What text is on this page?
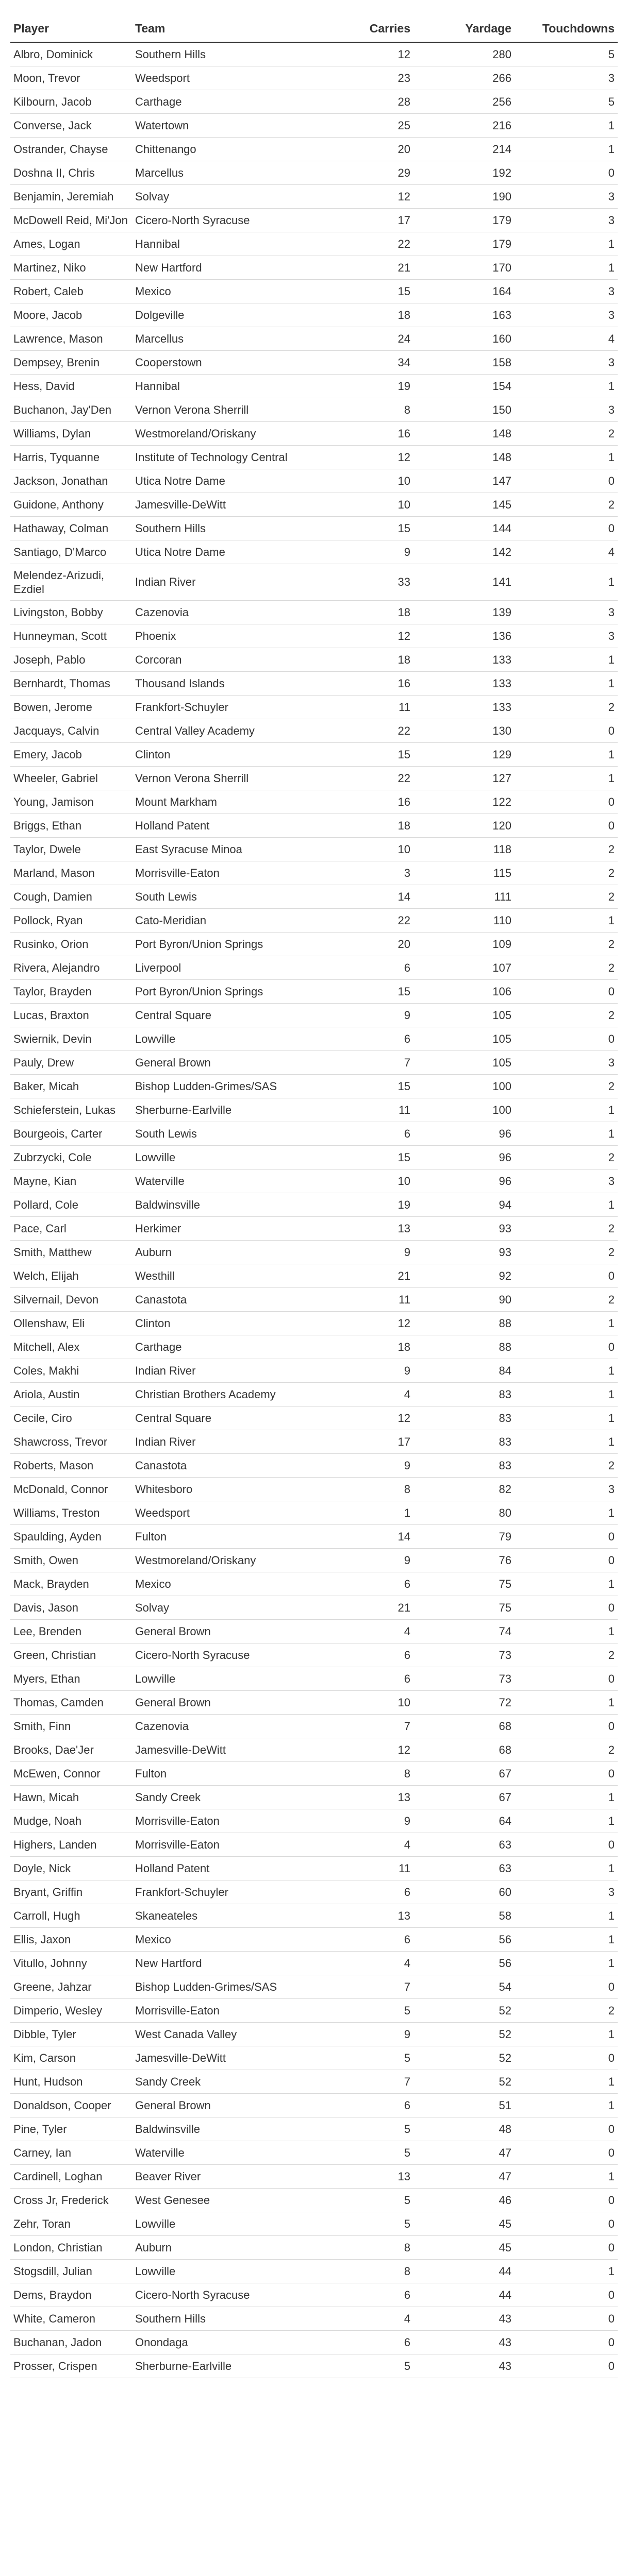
Player	Team	Carries	Yardage	Touchdowns
Albro, Dominick	Southern Hills	12	280	5
Moon, Trevor	Weedsport	23	266	3
Kilbourn, Jacob	Carthage	28	256	5
Converse, Jack	Watertown	25	216	1
Ostrander, Chayse	Chittenango	20	214	1
Doshna II, Chris	Marcellus	29	192	0
Benjamin, Jeremiah	Solvay	12	190	3
McDowell Reid, Mi'Jon	Cicero-North Syracuse	17	179	3
Ames, Logan	Hannibal	22	179	1
Martinez, Niko	New Hartford	21	170	1
Robert, Caleb	Mexico	15	164	3
Moore, Jacob	Dolgeville	18	163	3
Lawrence, Mason	Marcellus	24	160	4
Dempsey, Brenin	Cooperstown	34	158	3
Hess, David	Hannibal	19	154	1
Buchanon, Jay'Den	Vernon Verona Sherrill	8	150	3
Williams, Dylan	Westmoreland/Oriskany	16	148	2
Harris, Tyquanne	Institute of Technology Central	12	148	1
Jackson, Jonathan	Utica Notre Dame	10	147	0
Guidone, Anthony	Jamesville-DeWitt	10	145	2
Hathaway, Colman	Southern Hills	15	144	0
Santiago, D'Marco	Utica Notre Dame	9	142	4
Melendez-Arizudi, Ezdiel	Indian River	33	141	1
Livingston, Bobby	Cazenovia	18	139	3
Hunneyman, Scott	Phoenix	12	136	3
Joseph, Pablo	Corcoran	18	133	1
Bernhardt, Thomas	Thousand Islands	16	133	1
Bowen, Jerome	Frankfort-Schuyler	11	133	2
Jacquays, Calvin	Central Valley Academy	22	130	0
Emery, Jacob	Clinton	15	129	1
Wheeler, Gabriel	Vernon Verona Sherrill	22	127	1
Young, Jamison	Mount Markham	16	122	0
Briggs, Ethan	Holland Patent	18	120	0
Taylor, Dwele	East Syracuse Minoa	10	118	2
Marland, Mason	Morrisville-Eaton	3	115	2
Cough, Damien	South Lewis	14	111	2
Pollock, Ryan	Cato-Meridian	22	110	1
Rusinko, Orion	Port Byron/Union Springs	20	109	2
Rivera, Alejandro	Liverpool	6	107	2
Taylor, Brayden	Port Byron/Union Springs	15	106	0
Lucas, Braxton	Central Square	9	105	2
Swiernik, Devin	Lowville	6	105	0
Pauly, Drew	General Brown	7	105	3
Baker, Micah	Bishop Ludden-Grimes/SAS	15	100	2
Schieferstein, Lukas	Sherburne-Earlville	11	100	1
Bourgeois, Carter	South Lewis	6	96	1
Zubrzycki, Cole	Lowville	15	96	2
Mayne, Kian	Waterville	10	96	3
Pollard, Cole	Baldwinsville	19	94	1
Pace, Carl	Herkimer	13	93	2
Smith, Matthew	Auburn	9	93	2
Welch, Elijah	Westhill	21	92	0
Silvernail, Devon	Canastota	11	90	2
Ollenshaw, Eli	Clinton	12	88	1
Mitchell, Alex	Carthage	18	88	0
Coles, Makhi	Indian River	9	84	1
Ariola, Austin	Christian Brothers Academy	4	83	1
Cecile, Ciro	Central Square	12	83	1
Shawcross, Trevor	Indian River	17	83	1
Roberts, Mason	Canastota	9	83	2
McDonald, Connor	Whitesboro	8	82	3
Williams, Treston	Weedsport	1	80	1
Spaulding, Ayden	Fulton	14	79	0
Smith, Owen	Westmoreland/Oriskany	9	76	0
Mack, Brayden	Mexico	6	75	1
Davis, Jason	Solvay	21	75	0
Lee, Brenden	General Brown	4	74	1
Green, Christian	Cicero-North Syracuse	6	73	2
Myers, Ethan	Lowville	6	73	0
Thomas, Camden	General Brown	10	72	1
Smith, Finn	Cazenovia	7	68	0
Brooks, Dae'Jer	Jamesville-DeWitt	12	68	2
McEwen, Connor	Fulton	8	67	0
Hawn, Micah	Sandy Creek	13	67	1
Mudge, Noah	Morrisville-Eaton	9	64	1
Highers, Landen	Morrisville-Eaton	4	63	0
Doyle, Nick	Holland Patent	11	63	1
Bryant, Griffin	Frankfort-Schuyler	6	60	3
Carroll, Hugh	Skaneateles	13	58	1
Ellis, Jaxon	Mexico	6	56	1
Vitullo, Johnny	New Hartford	4	56	1
Greene, Jahzar	Bishop Ludden-Grimes/SAS	7	54	0
Dimperio, Wesley	Morrisville-Eaton	5	52	2
Dibble, Tyler	West Canada Valley	9	52	1
Kim, Carson	Jamesville-DeWitt	5	52	0
Hunt, Hudson	Sandy Creek	7	52	1
Donaldson, Cooper	General Brown	6	51	1
Pine, Tyler	Baldwinsville	5	48	0
Carney, Ian	Waterville	5	47	0
Cardinell, Loghan	Beaver River	13	47	1
Cross Jr, Frederick	West Genesee	5	46	0
Zehr, Toran	Lowville	5	45	0
London, Christian	Auburn	8	45	0
Stogsdill, Julian	Lowville	8	44	1
Dems, Braydon	Cicero-North Syracuse	6	44	0
White, Cameron	Southern Hills	4	43	0
Buchanan, Jadon	Onondaga	6	43	0
Prosser, Crispen	Sherburne-Earlville	5	43	0
